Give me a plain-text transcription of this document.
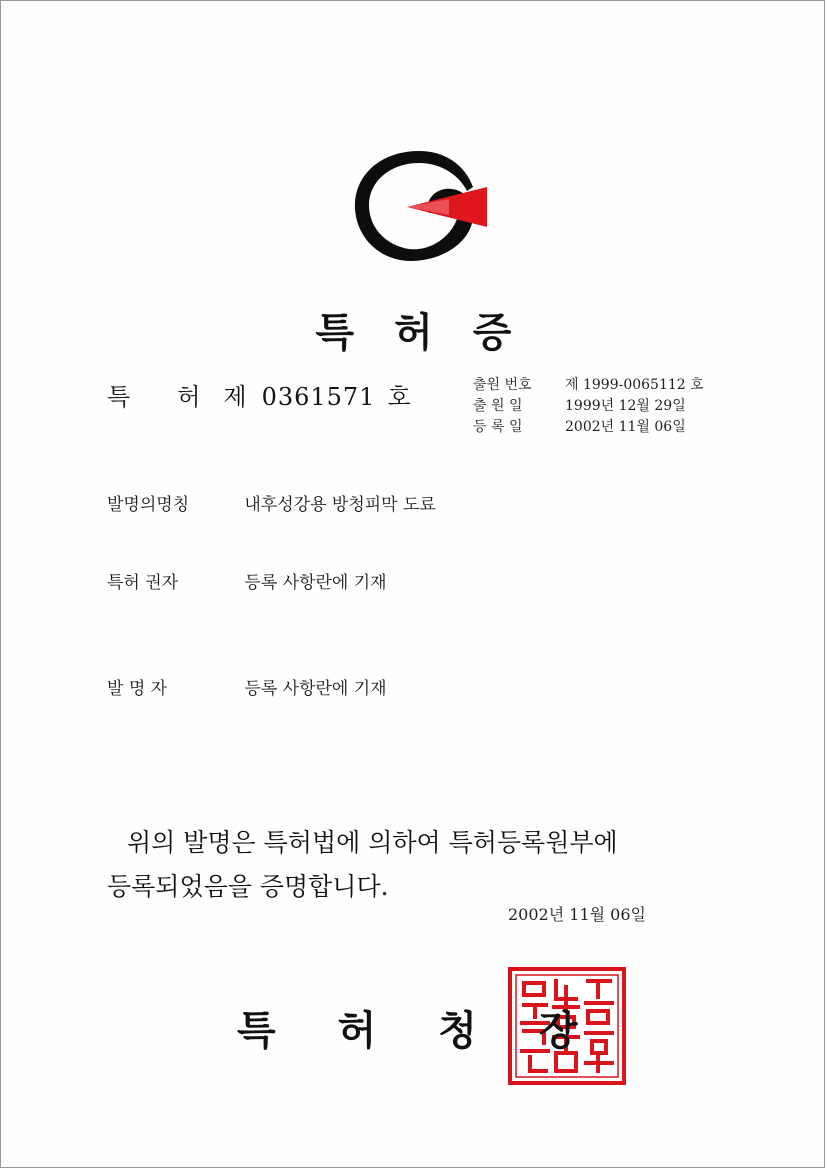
특허증
특 허 제 0361571 호	출원 번호	제 1999-0065112 호
출 원 일	1999년 12월 29일
등 록 일	2002년 11월 06일
발명의명칭	내후성강용 방청피막 도료
특허 권자	등록 사항란에 기재
발 명 자	등록 사항란에 기재
위의 발명은 특허법에 의하여 특허등록원부에
등록되었음을 증명합니다.
2002년 11월 06일
특허청장
